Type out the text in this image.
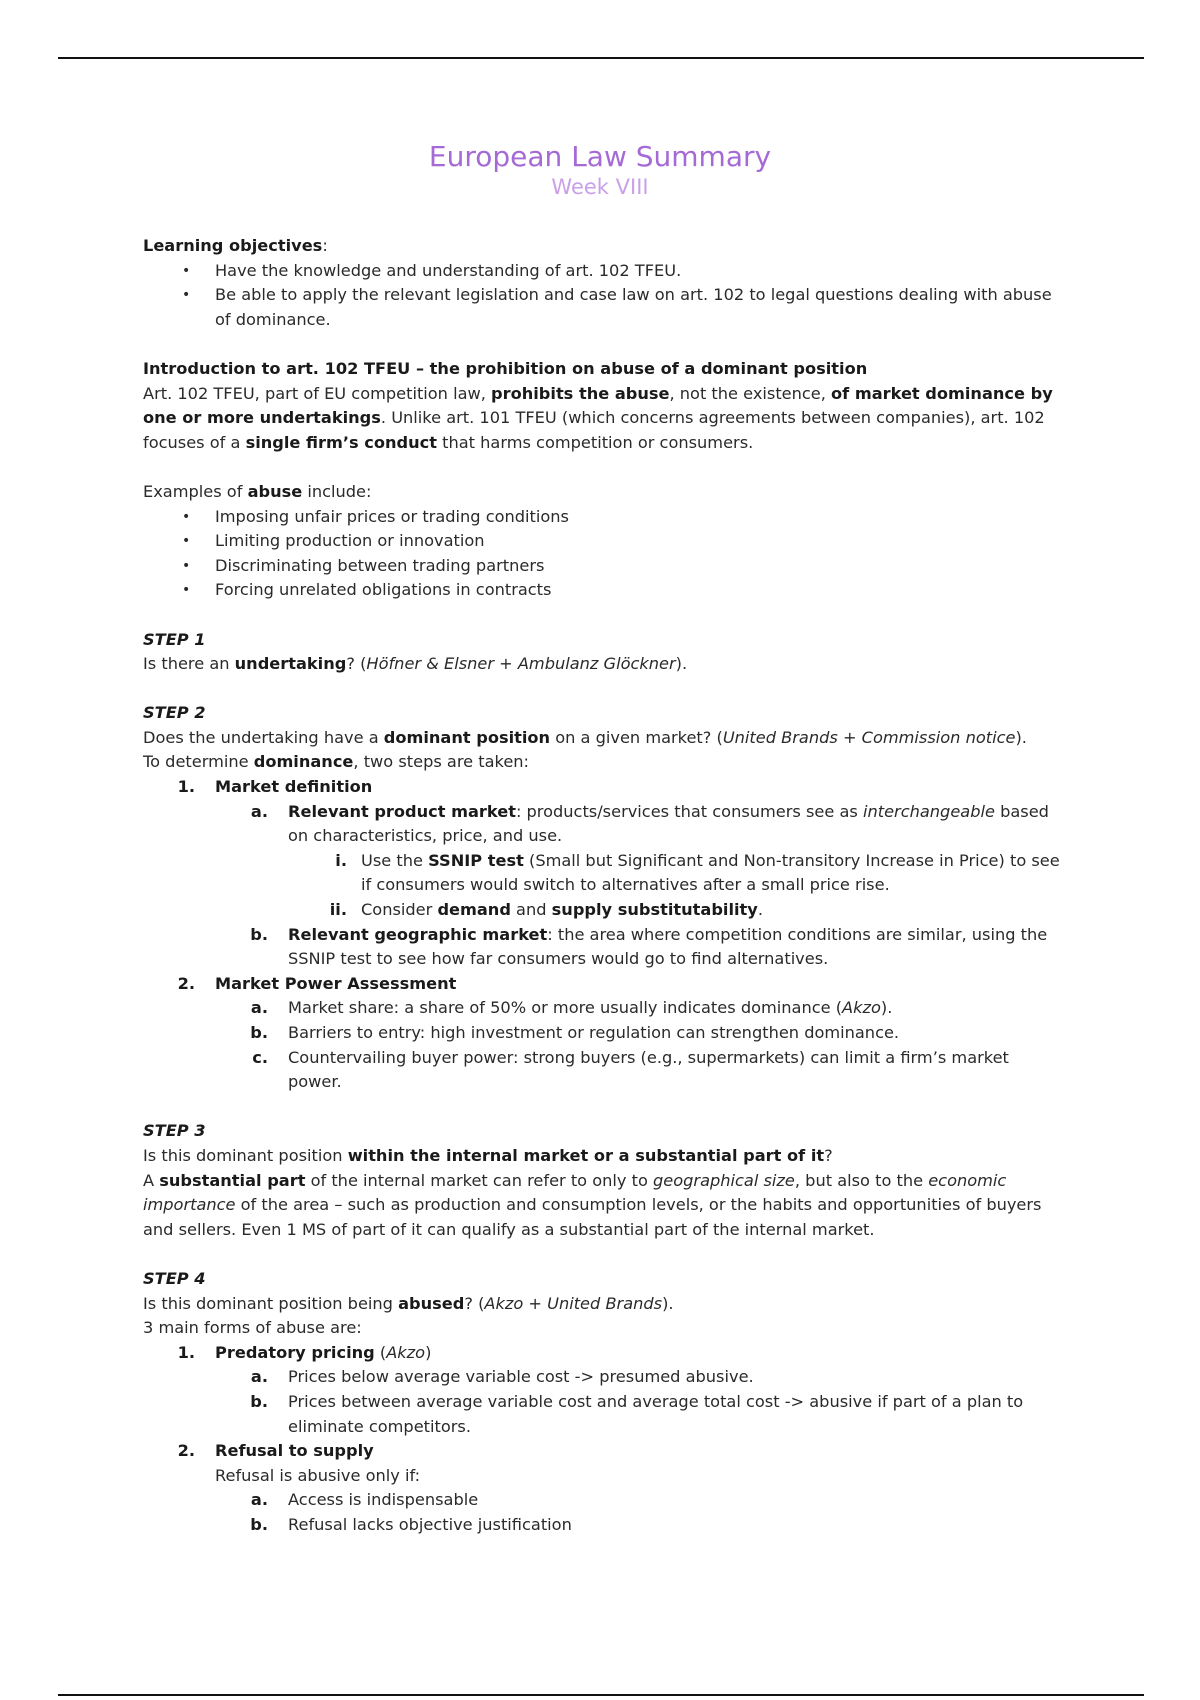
European Law Summary
Week VIII

Learning objectives:

• Have the knowledge and understanding of art. 102 TFEU.
• Be able to apply the relevant legislation and case law on art. 102 to legal questions dealing with abuse of dominance.

Introduction to art. 102 TFEU – the prohibition on abuse of a dominant position

Art. 102 TFEU, part of EU competition law, prohibits the abuse, not the existence, of market dominance by one or more undertakings. Unlike art. 101 TFEU (which concerns agreements between companies), art. 102 focuses of a single firm’s conduct that harms competition or consumers.

Examples of abuse include:

• Imposing unfair prices or trading conditions
• Limiting production or innovation
• Discriminating between trading partners
• Forcing unrelated obligations in contracts

STEP 1

Is there an undertaking? (Höfner & Elsner + Ambulanz Glöckner).

STEP 2

Does the undertaking have a dominant position on a given market? (United Brands + Commission notice).

To determine dominance, two steps are taken:

1. Market definition
a. Relevant product market: products/services that consumers see as interchangeable based on characteristics, price, and use.
i. Use the SSNIP test (Small but Significant and Non-transitory Increase in Price) to see if consumers would switch to alternatives after a small price rise.
ii. Consider demand and supply substitutability.
b. Relevant geographic market: the area where competition conditions are similar, using the SSNIP test to see how far consumers would go to find alternatives.
2. Market Power Assessment
a. Market share: a share of 50% or more usually indicates dominance (Akzo).
b. Barriers to entry: high investment or regulation can strengthen dominance.
c. Countervailing buyer power: strong buyers (e.g., supermarkets) can limit a firm’s market power.

STEP 3

Is this dominant position within the internal market or a substantial part of it?

A substantial part of the internal market can refer to only to geographical size, but also to the economic importance of the area – such as production and consumption levels, or the habits and opportunities of buyers and sellers. Even 1 MS of part of it can qualify as a substantial part of the internal market.

STEP 4

Is this dominant position being abused? (Akzo + United Brands).

3 main forms of abuse are:

1. Predatory pricing (Akzo)
a. Prices below average variable cost -> presumed abusive.
b. Prices between average variable cost and average total cost -> abusive if part of a plan to eliminate competitors.
2. Refusal to supply
Refusal is abusive only if:
a. Access is indispensable
b. Refusal lacks objective justification
